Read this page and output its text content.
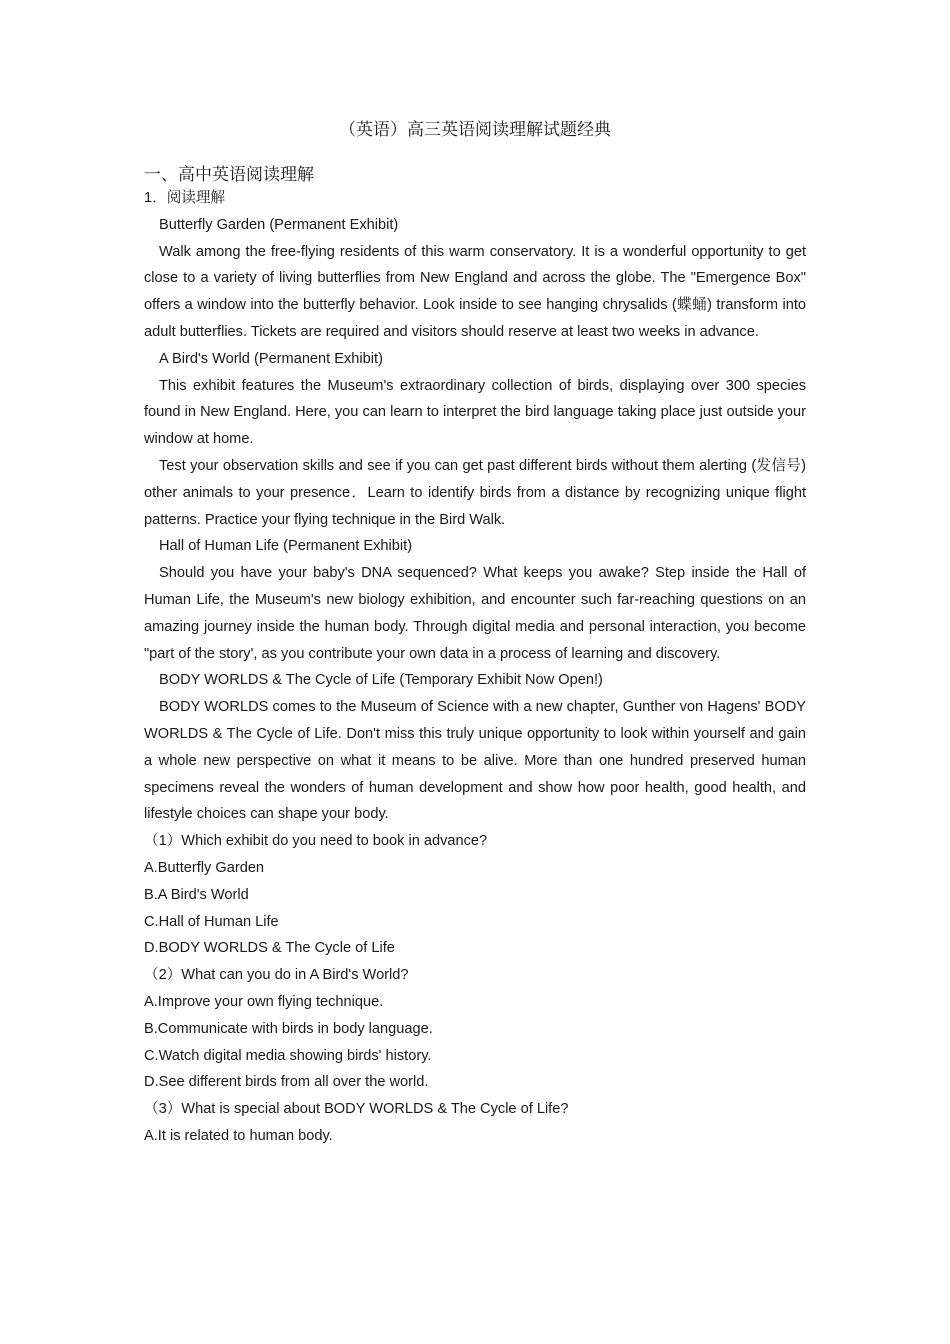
（英语）高三英语阅读理解试题经典
一、高中英语阅读理解

1．阅读理解

Butterfly Garden (Permanent Exhibit)

Walk among the free-flying residents of this warm conservatory. It is a wonderful opportunity to get close to a variety of living butterflies from New England and across the globe. The "Emergence Box" offers a window into the butterfly behavior. Look inside to see hanging chrysalids (蝶蛹) transform into adult butterflies. Tickets are required and visitors should reserve at least two weeks in advance.

A Bird's World (Permanent Exhibit)

This exhibit features the Museum's extraordinary collection of birds, displaying over 300 species found in New England. Here, you can learn to interpret the bird language taking place just outside your window at home.

Test your observation skills and see if you can get past different birds without them alerting (发信号) other animals to your presence．Learn to identify birds from a distance by recognizing unique flight patterns. Practice your flying technique in the Bird Walk.

Hall of Human Life (Permanent Exhibit)

Should you have your baby's DNA sequenced? What keeps you awake? Step inside the Hall of Human Life, the Museum's new biology exhibition, and encounter such far-reaching questions on an amazing journey inside the human body. Through digital media and personal interaction, you become "part of the story', as you contribute your own data in a process of learning and discovery.

BODY WORLDS & The Cycle of Life (Temporary Exhibit Now Open!)

BODY WORLDS comes to the Museum of Science with a new chapter, Gunther von Hagens' BODY WORLDS & The Cycle of Life. Don't miss this truly unique opportunity to look within yourself and gain a whole new perspective on what it means to be alive. More than one hundred preserved human specimens reveal the wonders of human development and show how poor health, good health, and lifestyle choices can shape your body.

（1）Which exhibit do you need to book in advance?

A.Butterfly Garden

B.A Bird's World

C.Hall of Human Life

D.BODY WORLDS & The Cycle of Life

（2）What can you do in A Bird's World?

A.Improve your own flying technique.

B.Communicate with birds in body language.

C.Watch digital media showing birds' history.

D.See different birds from all over the world.

（3）What is special about BODY WORLDS & The Cycle of Life?

A.It is related to human body.
